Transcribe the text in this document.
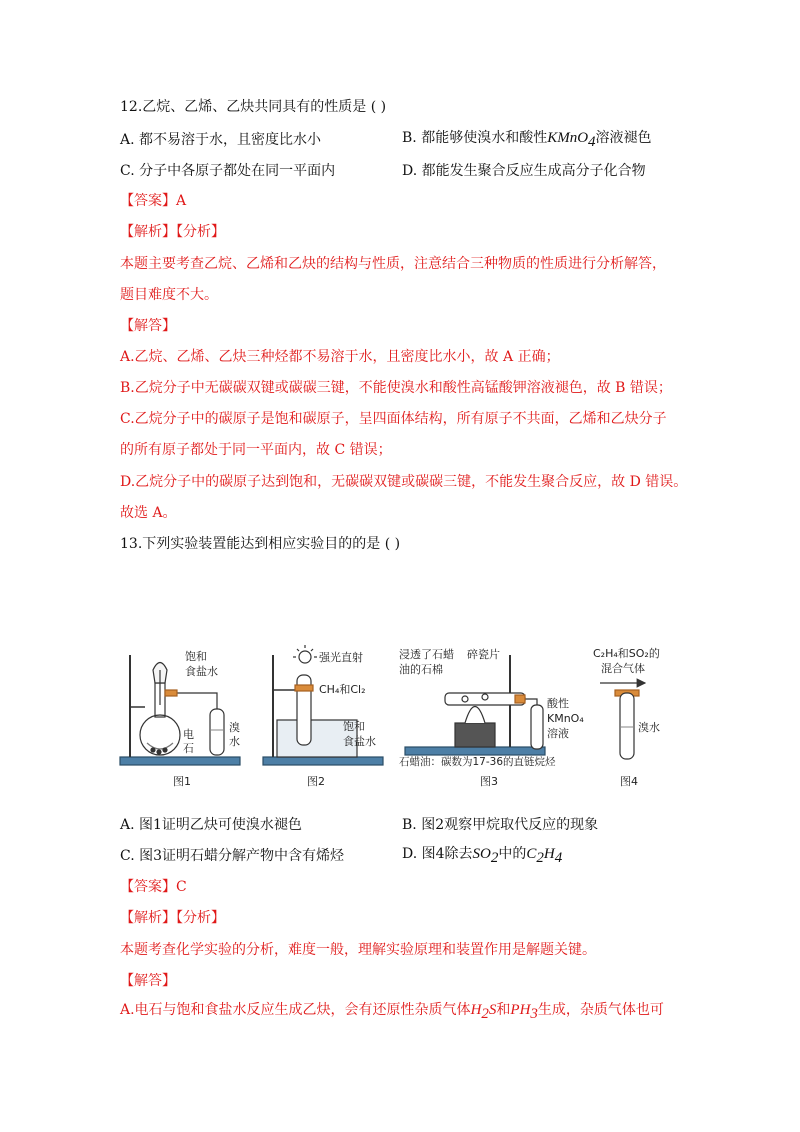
12.乙烷、乙烯、乙炔共同具有的性质是 ( )
A. 都不易溶于水，且密度比水小	B. 都能够使溴水和酸性KMnO$_4$溶液褪色
C. 分子中各原子都处在同一平面内	D. 都能发生聚合反应生成高分子化合物
【答案】A
【解析】【分析】
本题主要考查乙烷、乙烯和乙炔的结构与性质，注意结合三种物质的性质进行分析解答，
题目难度不大。
【解答】
A.乙烷、乙烯、乙炔三种烃都不易溶于水，且密度比水小，故 A 正确；
B.乙烷分子中无碳碳双键或碳碳三键，不能使溴水和酸性高锰酸钾溶液褪色，故 B 错误；
C.乙烷分子中的碳原子是饱和碳原子，呈四面体结构，所有原子不共面，乙烯和乙炔分子
的所有原子都处于同一平面内，故 C 错误；
D.乙烷分子中的碳原子达到饱和，无碳碳双键或碳碳三键，不能发生聚合反应，故 D 错误。
故选 A。
13.下列实验装置能达到相应实验目的的是 ( )
饱和
食盐水
电
石
溴
水
图1
强光直射
CH₄和Cl₂
饱和
食盐水
图2
浸透了石蜡
油的石棉
碎瓷片
酸性
KMnO₄
溶液
石蜡油：碳数为17-36的直链烷烃
图3
C₂H₄和SO₂的
混合气体
溴水
图4
A. 图1证明乙炔可使溴水褪色	B. 图2观察甲烷取代反应的现象
C. 图3证明石蜡分解产物中含有烯烃	D. 图4除去$SO_2$中的$C_2H_4$
【答案】C
【解析】【分析】
本题考查化学实验的分析，难度一般，理解实验原理和装置作用是解题关键。
【解答】
A.电石与饱和食盐水反应生成乙炔，会有还原性杂质气体$H_2S$和$PH_3$生成，杂质气体也可
